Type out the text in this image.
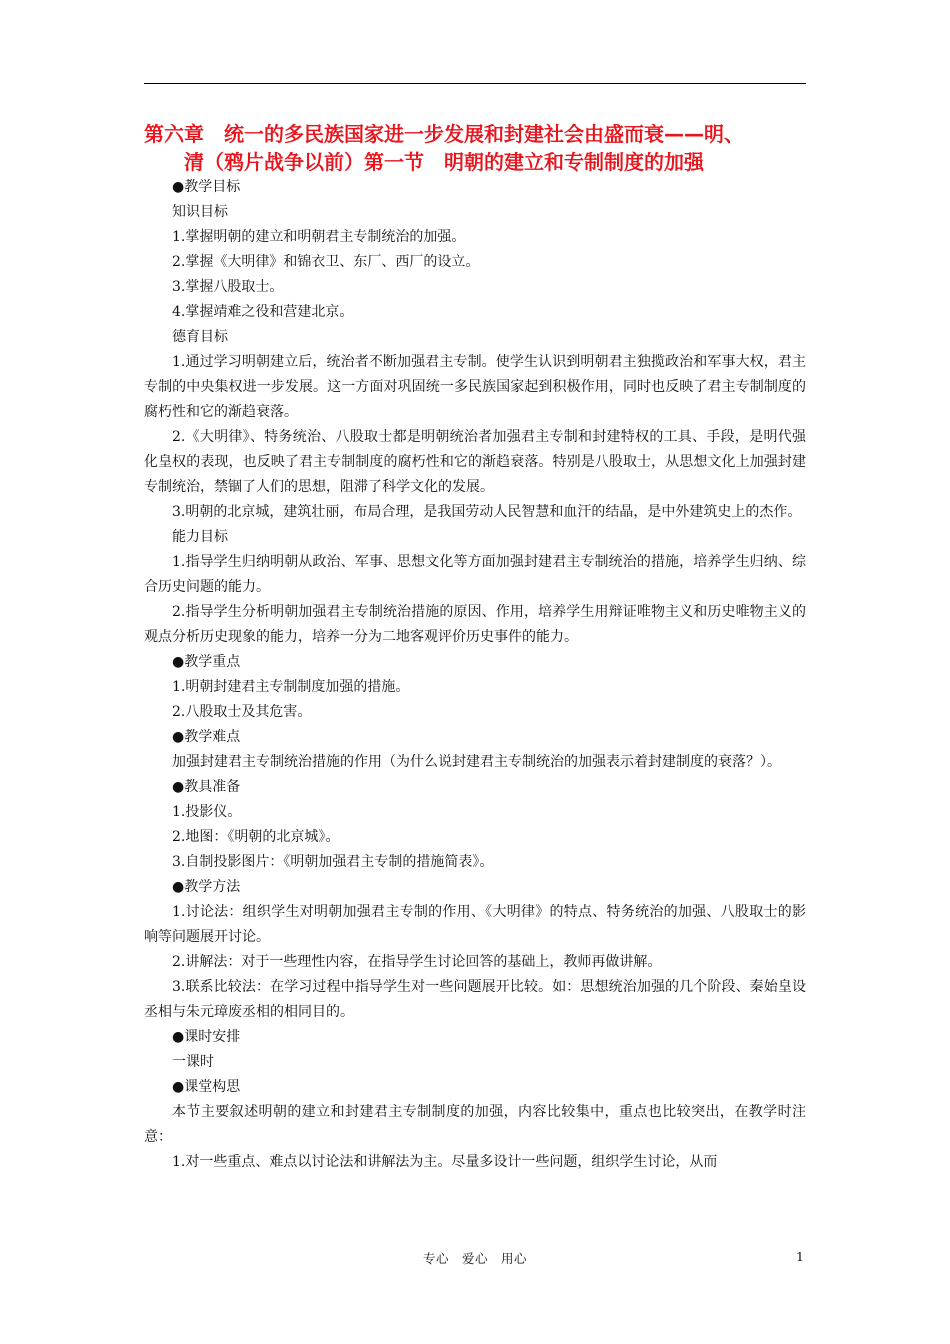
第六章　统一的多民族国家进一步发展和封建社会由盛而衰——明、
清（鸦片战争以前）第一节　明朝的建立和专制制度的加强

●教学目标

知识目标

1.掌握明朝的建立和明朝君主专制统治的加强。

2.掌握《大明律》和锦衣卫、东厂、西厂的设立。

3.掌握八股取士。

4.掌握靖难之役和营建北京。

德育目标

1.通过学习明朝建立后，统治者不断加强君主专制。使学生认识到明朝君主独揽政治和军事大权，君主专制的中央集权进一步发展。这一方面对巩固统一多民族国家起到积极作用，同时也反映了君主专制制度的腐朽性和它的渐趋衰落。

2.《大明律》、特务统治、八股取士都是明朝统治者加强君主专制和封建特权的工具、手段，是明代强化皇权的表现，也反映了君主专制制度的腐朽性和它的渐趋衰落。特别是八股取士，从思想文化上加强封建专制统治，禁锢了人们的思想，阻滞了科学文化的发展。

3.明朝的北京城，建筑壮丽，布局合理，是我国劳动人民智慧和血汗的结晶，是中外建筑史上的杰作。

能力目标

1.指导学生归纳明朝从政治、军事、思想文化等方面加强封建君主专制统治的措施，培养学生归纳、综合历史问题的能力。

2.指导学生分析明朝加强君主专制统治措施的原因、作用，培养学生用辩证唯物主义和历史唯物主义的观点分析历史现象的能力，培养一分为二地客观评价历史事件的能力。

●教学重点

1.明朝封建君主专制制度加强的措施。

2.八股取士及其危害。

●教学难点

加强封建君主专制统治措施的作用（为什么说封建君主专制统治的加强表示着封建制度的衰落？）。

●教具准备

1.投影仪。

2.地图：《明朝的北京城》。

3.自制投影图片：《明朝加强君主专制的措施简表》。

●教学方法

1.讨论法：组织学生对明朝加强君主专制的作用、《大明律》的特点、特务统治的加强、八股取士的影响等问题展开讨论。

2.讲解法：对于一些理性内容，在指导学生讨论回答的基础上，教师再做讲解。

3.联系比较法：在学习过程中指导学生对一些问题展开比较。如：思想统治加强的几个阶段、秦始皇设丞相与朱元璋废丞相的相同目的。

●课时安排

一课时

●课堂构思

本节主要叙述明朝的建立和封建君主专制制度的加强，内容比较集中，重点也比较突出，在教学时注意：

1.对一些重点、难点以讨论法和讲解法为主。尽量多设计一些问题，组织学生讨论，从而

专心　爱心　用心	1
